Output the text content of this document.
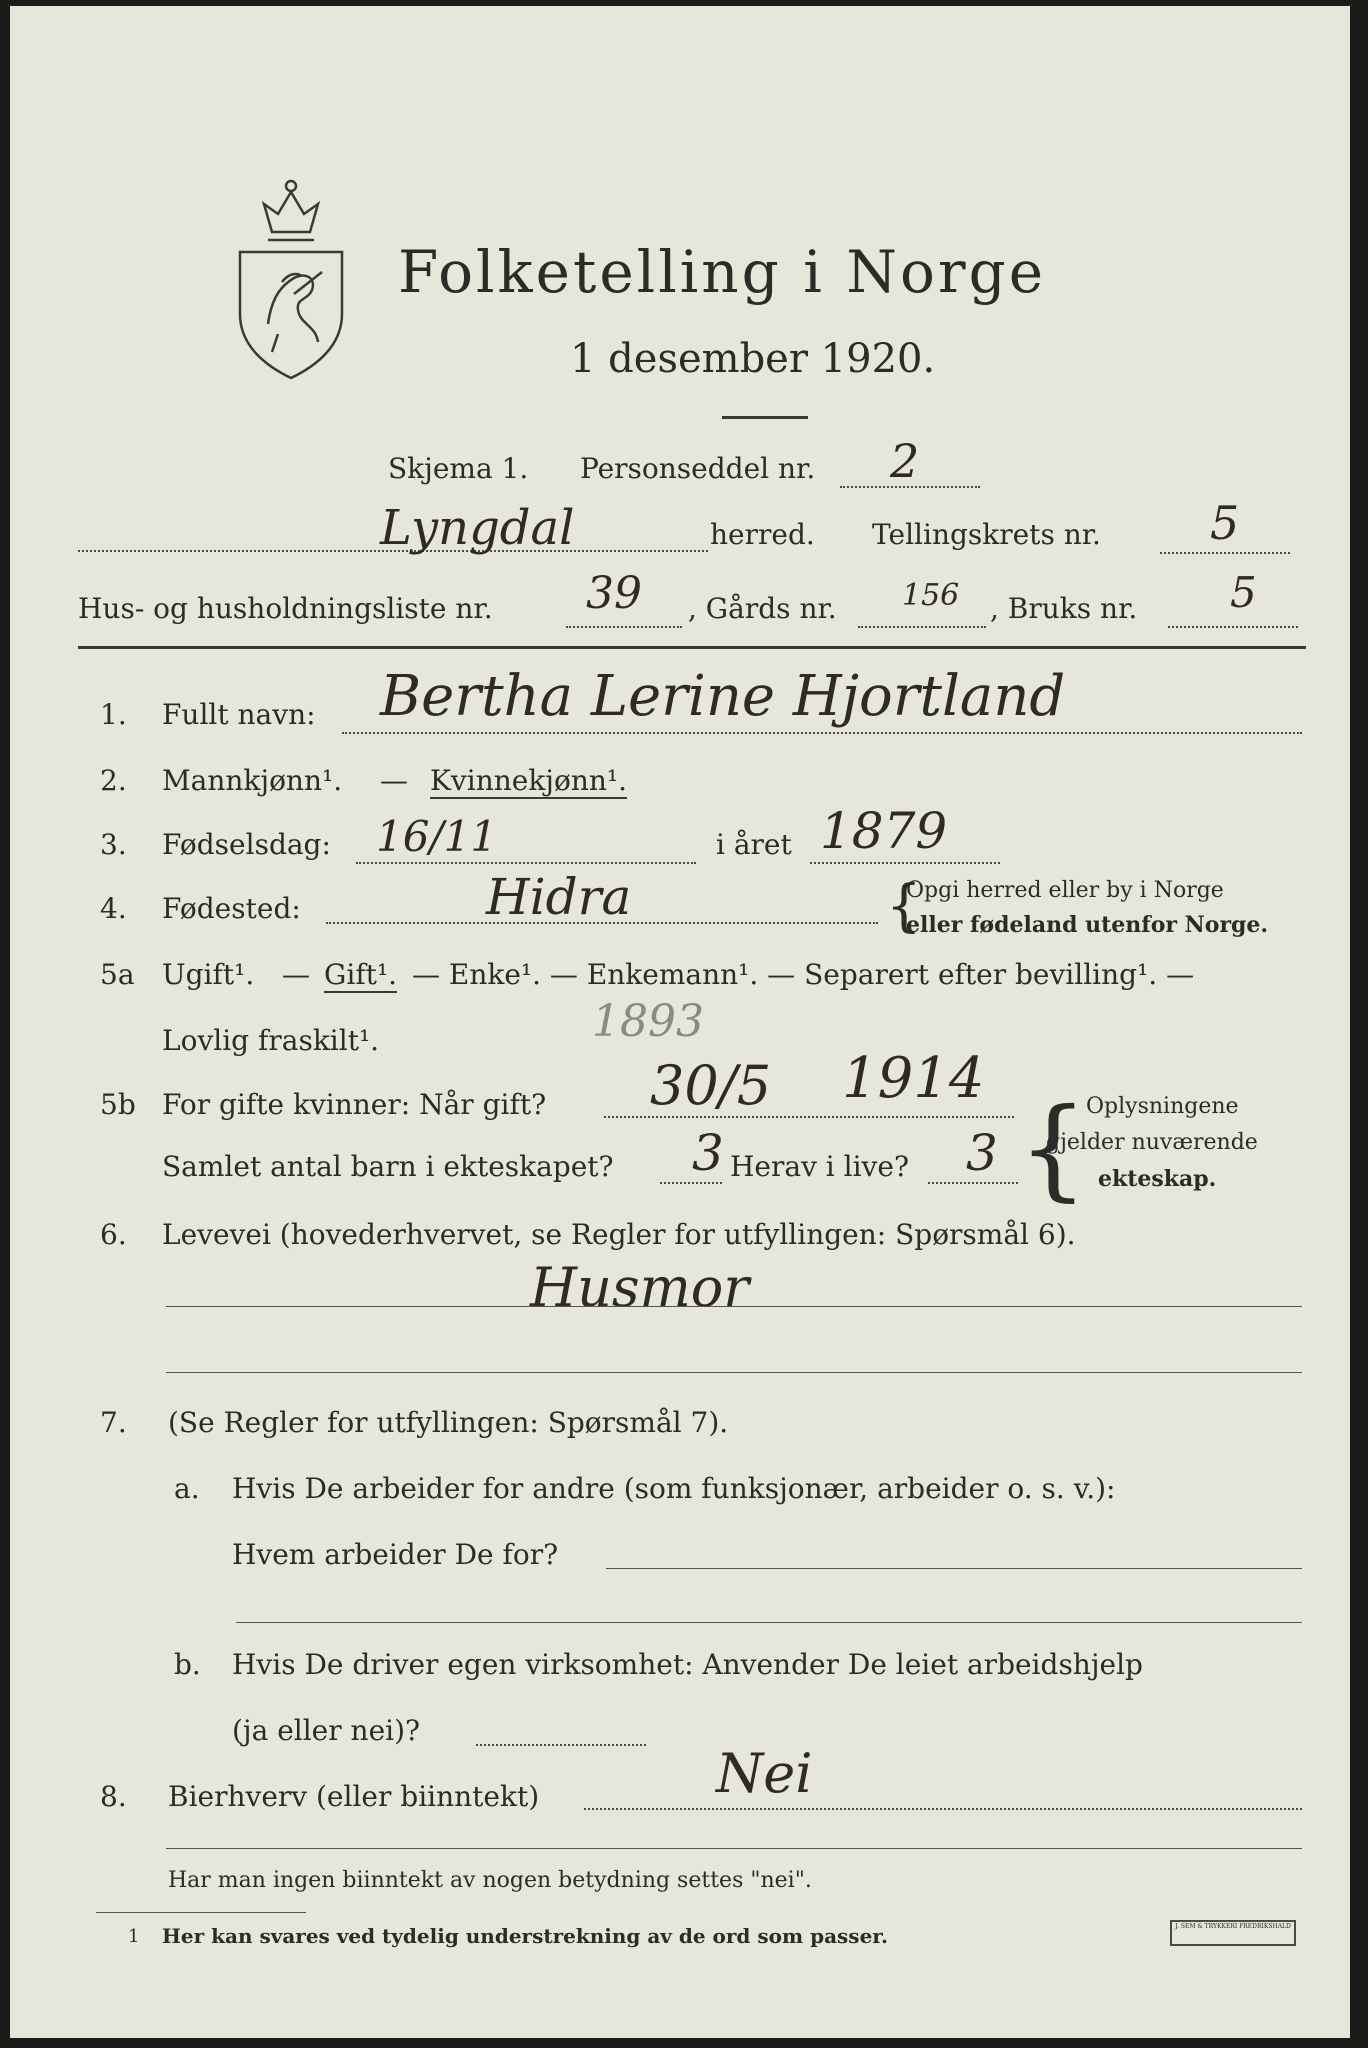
Folketelling i Norge
1 desember 1920.
Skjema 1. Personseddel nr. 2
Lyngdal	herred. Tellingskrets nr. 5
Hus- og husholdningsliste nr. 39 , Gårds nr. 156 , Bruks nr. 5
1. Fullt navn: Bertha Lerine Hjortland
2. Mannkjønn¹. — Kvinnekjønn¹.
3. Fødselsdag: 16/11	i året 1879
4. Fødested:	Hidra	{
Opgi herred eller by i Norge
eller fødeland utenfor Norge.
5a Ugift¹. — Gift¹. — Enke¹. — Enkemann¹. — Separert efter bevilling¹. —
Lovlig fraskilt¹.	1893
5b For gifte kvinner: Når gift? 30/5 1914
Samlet antal barn i ekteskapet? 3 Herav i live? 3 {
Oplysningene
gjelder nuværende
ekteskap.
6. Levevei (hovederhvervet, se Regler for utfyllingen: Spørsmål 6).
Husmor
7. (Se Regler for utfyllingen: Spørsmål 7).
a. Hvis De arbeider for andre (som funksjonær, arbeider o. s. v.):
Hvem arbeider De for?
b. Hvis De driver egen virksomhet: Anvender De leiet arbeidshjelp
(ja eller nei)?
8. Bierhverv (eller biinntekt)	Nei
Har man ingen biinntekt av nogen betydning settes "nei".
1 Her kan svares ved tydelig understrekning av de ord som passer.	J. SEM & TRYKKERI FREDRIKSHALD
